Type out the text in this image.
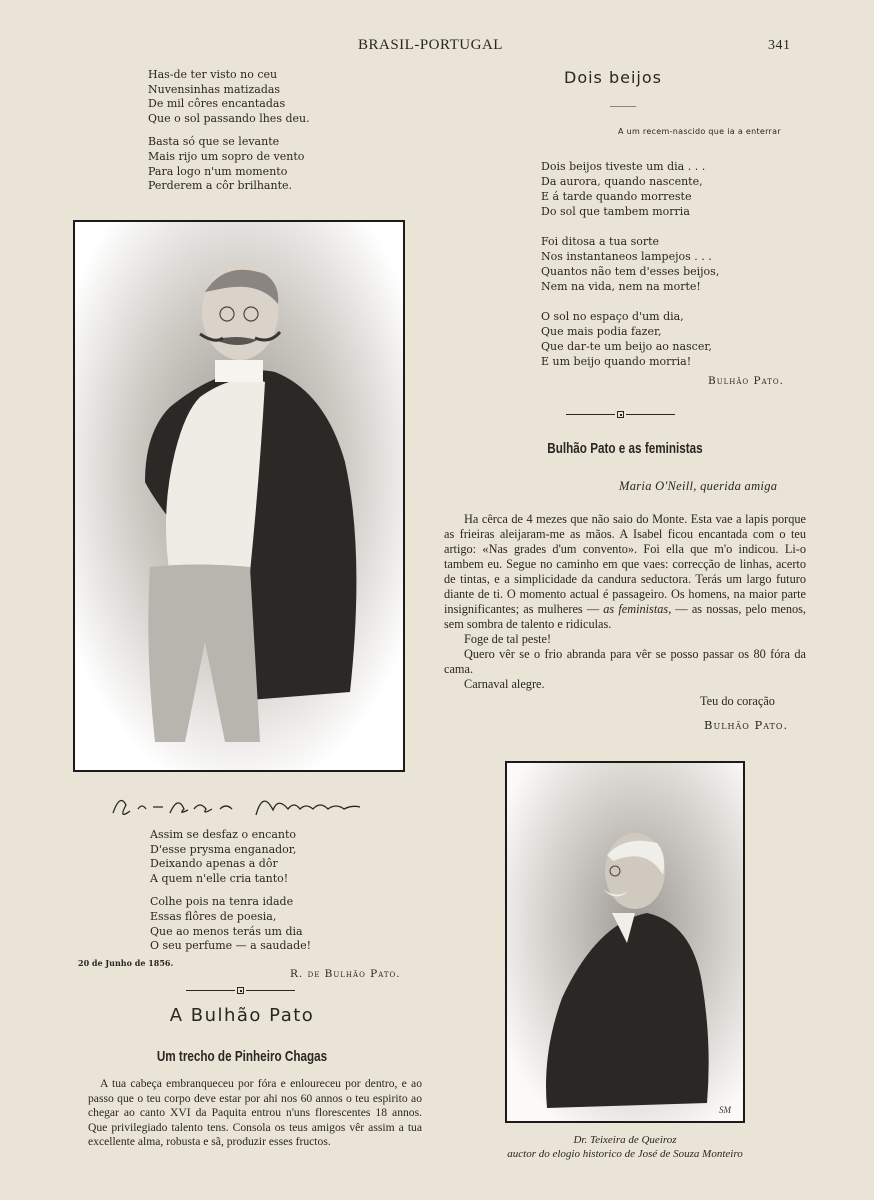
BRASIL-PORTUGAL	341
Has-de ter visto no ceu
Nuvensinhas matizadas
De mil côres encantadas
Que o sol passando lhes deu.
Basta só que se levante
Mais rijo um sopro de vento
Para logo n'um momento
Perderem a côr brilhante.
Assim se desfaz o encanto
D'esse prysma enganador,
Deixando apenas a dôr
A quem n'elle cria tanto!
Colhe pois na tenra idade
Essas flôres de poesia,
Que ao menos terás um dia
O seu perfume — a saudade!
20 de Junho de 1856.
R. de Bulhão Pato.
A Bulhão Pato
Um trecho de Pinheiro Chagas

A tua cabeça embranqueceu por fóra e enloureceu por dentro, e ao passo que o teu corpo deve estar por ahi nos 60 annos o teu espirito ao chegar ao canto XVI da Paquita entrou n'uns florescentes 18 annos. Que privilegiado talento tens. Consola os teus amigos vêr assim a tua excellente alma, robusta e sã, produzir esses fructos.

Dois beijos
A um recem-nascido que ia a enterrar
Dois beijos tiveste um dia . . .
Da aurora, quando nascente,
E á tarde quando morreste
Do sol que tambem morria
Foi ditosa a tua sorte
Nos instantaneos lampejos . . .
Quantos não tem d'esses beijos,
Nem na vida, nem na morte!
O sol no espaço d'um dia,
Que mais podia fazer,
Que dar-te um beijo ao nascer,
E um beijo quando morria!
Bulhão Pato.
Bulhão Pato e as feministas
Maria O'Neill, querida amiga

Ha cêrca de 4 mezes que não saio do Monte. Esta vae a lapis porque as frieiras aleijaram-me as mãos. A Isabel ficou encantada com o teu artigo: «Nas grades d'um convento». Foi ella que m'o indicou. Li-o tambem eu. Segue no caminho em que vaes: correcção de linhas, acerto de tintas, e a simplicidade da candura seductora. Terás um largo futuro diante de ti. O momento actual é passageiro. Os homens, na maior parte insignificantes; as mulheres — as feministas, — as nossas, pelo menos, sem sombra de talento e ridiculas.

Foge de tal peste!

Quero vêr se o frio abranda para vêr se posso passar os 80 fóra da cama.

Carnaval alegre.

Teu do coração
Bulhão Pato.
SM
Dr. Teixeira de Queiroz
auctor do elogio historico de José de Souza Monteiro
